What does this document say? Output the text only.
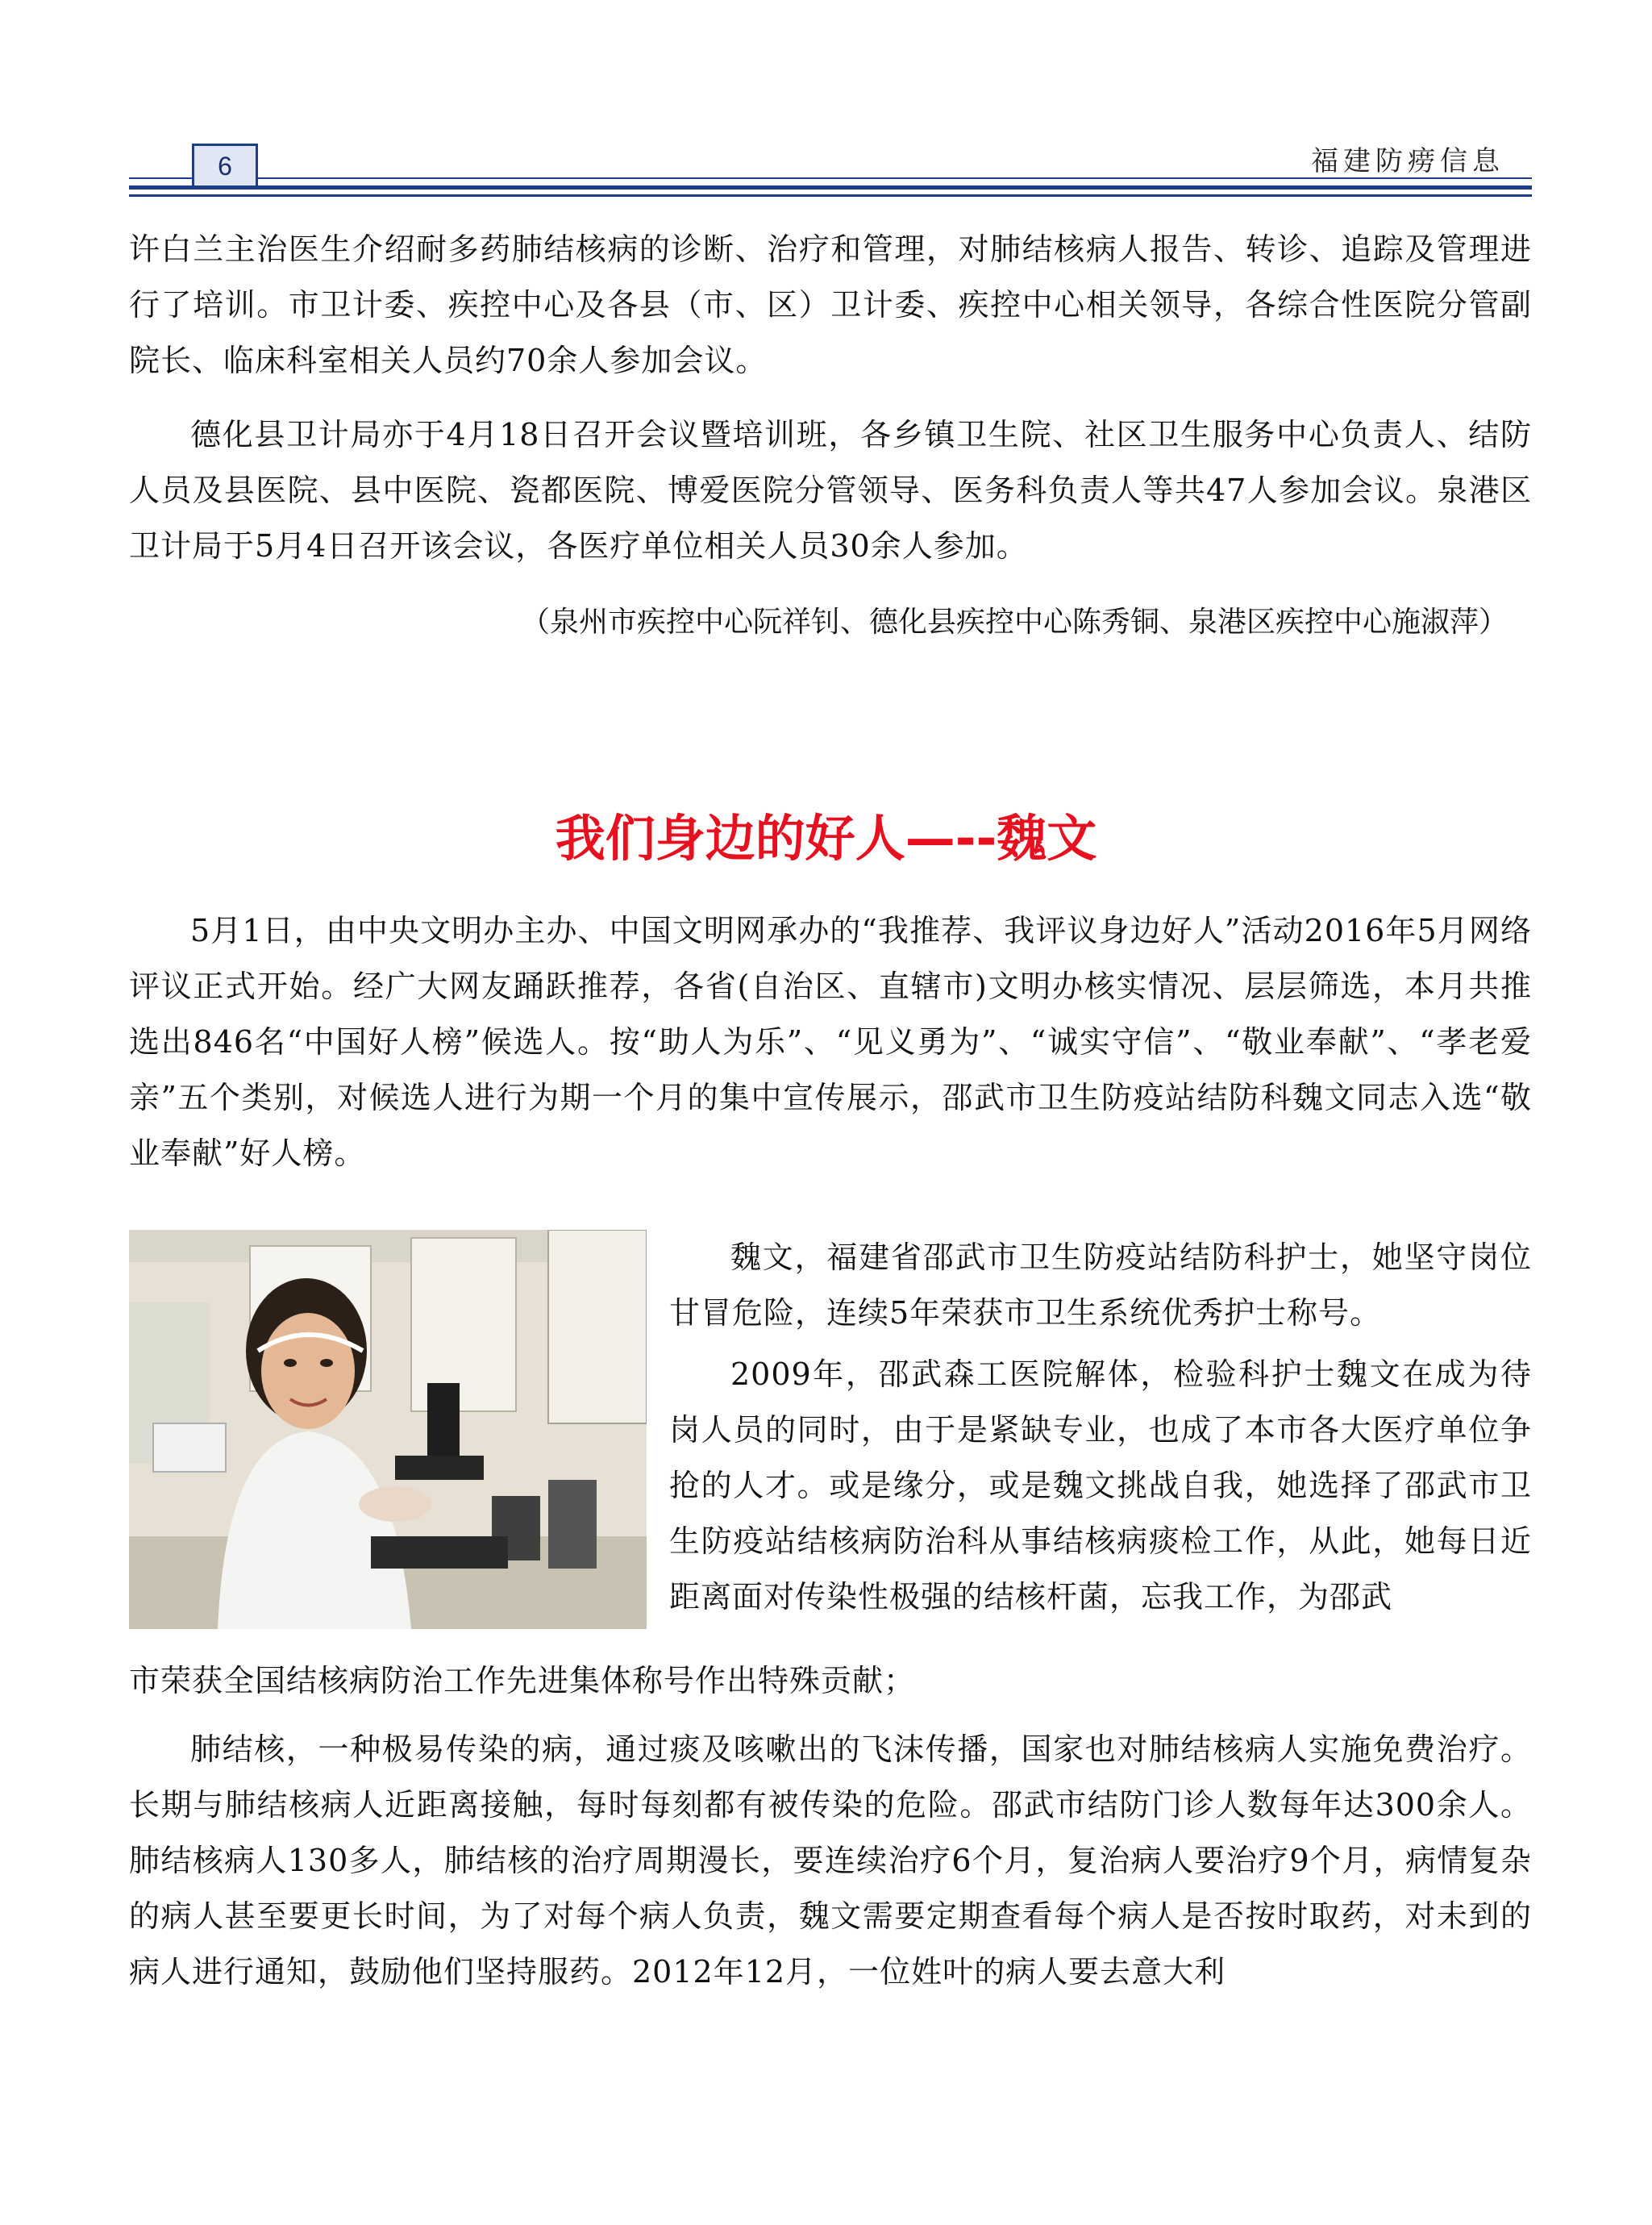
6	福建防痨信息

许白兰主治医生介绍耐多药肺结核病的诊断、治疗和管理，对肺结核病人报告、转诊、追踪及管理进行了培训。市卫计委、疾控中心及各县（市、区）卫计委、疾控中心相关领导，各综合性医院分管副院长、临床科室相关人员约70余人参加会议。

德化县卫计局亦于4月18日召开会议暨培训班，各乡镇卫生院、社区卫生服务中心负责人、结防人员及县医院、县中医院、瓷都医院、博爱医院分管领导、医务科负责人等共47人参加会议。泉港区卫计局于5月4日召开该会议，各医疗单位相关人员30余人参加。

（泉州市疾控中心阮祥钊、德化县疾控中心陈秀铜、泉港区疾控中心施淑萍）
我们身边的好人—--魏文

5月1日，由中央文明办主办、中国文明网承办的“我推荐、我评议身边好人”活动2016年5月网络评议正式开始。经广大网友踊跃推荐，各省(自治区、直辖市)文明办核实情况、层层筛选，本月共推选出846名“中国好人榜”候选人。按“助人为乐”、“见义勇为”、“诚实守信”、“敬业奉献”、“孝老爱亲”五个类别，对候选人进行为期一个月的集中宣传展示，邵武市卫生防疫站结防科魏文同志入选“敬业奉献”好人榜。

魏文，福建省邵武市卫生防疫站结防科护士，她坚守岗位甘冒危险，连续5年荣获市卫生系统优秀护士称号。

2009年，邵武森工医院解体，检验科护士魏文在成为待岗人员的同时，由于是紧缺专业，也成了本市各大医疗单位争抢的人才。或是缘分，或是魏文挑战自我，她选择了邵武市卫生防疫站结核病防治科从事结核病痰检工作，从此，她每日近距离面对传染性极强的结核杆菌，忘我工作，为邵武

市荣获全国结核病防治工作先进集体称号作出特殊贡献；

肺结核，一种极易传染的病，通过痰及咳嗽出的飞沫传播，国家也对肺结核病人实施免费治疗。长期与肺结核病人近距离接触，每时每刻都有被传染的危险。邵武市结防门诊人数每年达300余人。肺结核病人130多人，肺结核的治疗周期漫长，要连续治疗6个月，复治病人要治疗9个月，病情复杂的病人甚至要更长时间，为了对每个病人负责，魏文需要定期查看每个病人是否按时取药，对未到的病人进行通知，鼓励他们坚持服药。2012年12月，一位姓叶的病人要去意大利
